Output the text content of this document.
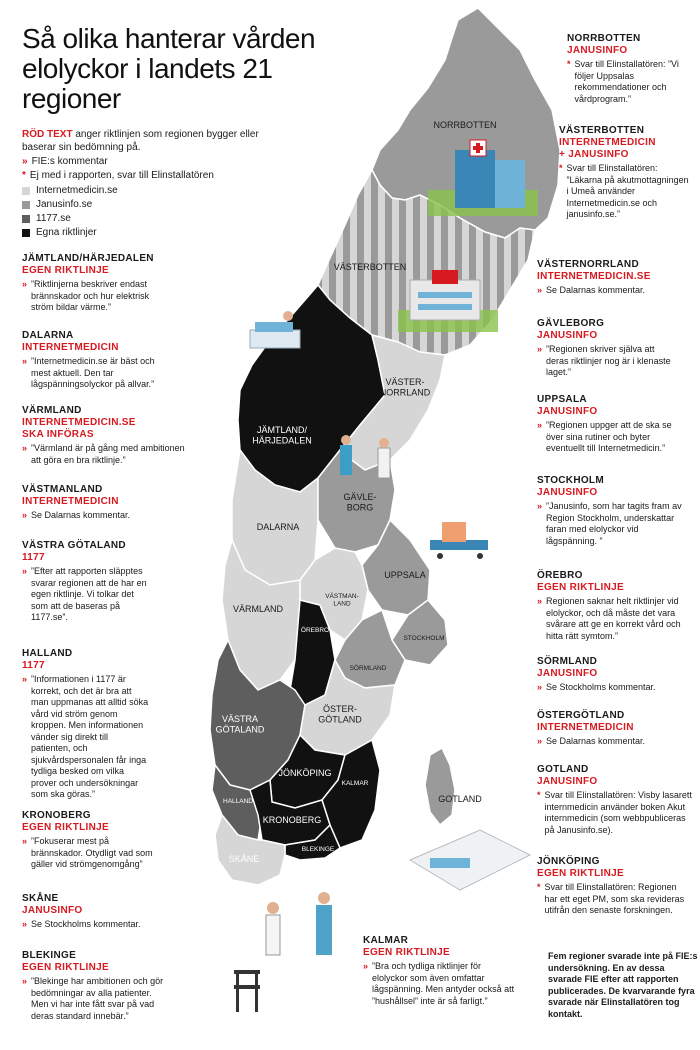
NORRBOTTEN
VÄSTERBOTTEN
VÄSTER-NORRLAND
JÄMTLAND/ HÄRJEDALEN
DALARNA
GÄVLE-BORG
UPPSALA
VÄRMLAND
ÖREBRO
VÄSTMAN-LAND
STOCKHOLM
SÖRMLAND
VÄSTRA GÖTALAND
ÖSTER-GÖTLAND
JÖNKÖPING
KALMAR
HALLAND
KRONOBERG
BLEKINGE
SKÅNE
GOTLAND
Så olika hanterar vården elolyckor i landets 21 regioner
RÖD TEXT anger riktlinjen som regionen bygger eller baserar sin bedömning på.
» FIE:s kommentar
* Ej med i rapporten, svar till Elinstallatören
Internetmedicin.se
Janusinfo.se
1177.se
Egna riktlinjer
JÄMTLAND/HÄRJEDALEN
EGEN RIKTLINJE
» ”Riktlinjerna beskriver endast brännskador och hur elektrisk ström bildar värme.”
DALARNA
INTERNETMEDICIN
» ”Internetmedicin.se är bäst och mest aktuell. Den tar lågspänningsolyckor på allvar.”
VÄRMLAND
INTERNETMEDICIN.SE SKA INFÖRAS
» ”Värmland är på gång med ambitionen att göra en bra riktlinje.”
VÄSTMANLAND
INTERNETMEDICIN
» Se Dalarnas kommentar.
VÄSTRA GÖTALAND
1177
» ”Efter att rapporten släpptes svarar regionen att de har en egen riktlinje. Vi tolkar det som att de baseras på 1177.se”.
HALLAND
1177
» ”Informationen i 1177 är korrekt, och det är bra att man uppmanas att alltid söka vård vid ström genom kroppen. Men informationen vänder sig direkt till patienten, och sjukvårdspersonalen får inga tydliga besked om vilka prover och undersökningar som ska göras.”
KRONOBERG
EGEN RIKTLINJE
» ”Fokuserar mest på brännskador. Otydligt vad som gäller vid strömgenomgång”
SKÅNE
JANUSINFO
» Se Stockholms kommentar.
BLEKINGE
EGEN RIKTLINJE
» ”Blekinge har ambitionen och gör bedömningar av alla patienter. Men vi har inte fått svar på vad deras standard innebär.”
KALMAR
EGEN RIKTLINJE
» ”Bra och tydliga riktlinjer för elolyckor som även omfattar lågspänning. Men antyder också att ”hushållsel” inte är så farligt.”
NORRBOTTEN
JANUSINFO
* Svar till Elinstallatören: ”Vi följer Uppsalas rekommendationer och vårdprogram.”
VÄSTERBOTTEN
INTERNETMEDICIN + JANUSINFO
* Svar till Elinstallatören: ”Läkarna på akutmottagningen i Umeå använder Internetmedicin.se och janusinfo.se.”
VÄSTERNORRLAND
INTERNETMEDICIN.SE
» Se Dalarnas kommentar.
GÄVLEBORG
JANUSINFO
» ”Regionen skriver själva att deras riktlinjer nog är i klenaste laget.”
UPPSALA
JANUSINFO
» ”Regionen uppger att de ska se över sina rutiner och byter eventuellt till Internetmedicin.”
STOCKHOLM
JANUSINFO
» ”Janusinfo, som har tagits fram av Region Stockholm, underskattar faran med elolyckor vid lågspänning. ”
ÖREBRO
EGEN RIKTLINJE
» Regionen saknar helt riktlinjer vid elolyckor, och då måste det vara svårare att ge en korrekt vård och hitta rätt symtom.”
SÖRMLAND
JANUSINFO
» Se Stockholms kommentar.
ÖSTERGÖTLAND
INTERNETMEDICIN
» Se Dalarnas kommentar.
GOTLAND
JANUSINFO
* Svar till Elinstallatören: Visby lasarett internmedicin använder boken Akut internmedicin (som webbpubliceras på Janusinfo.se).
JÖNKÖPING
EGEN RIKTLINJE
* Svar till Elinstallatören: Regionen har ett eget PM, som ska revideras utifrån den senaste forskningen.
Fem regioner svarade inte på FIE:s undersökning. En av dessa svarade FIE efter att rapporten publicerades. De kvarvarande fyra svarade när Elinstallatören tog kontakt.
